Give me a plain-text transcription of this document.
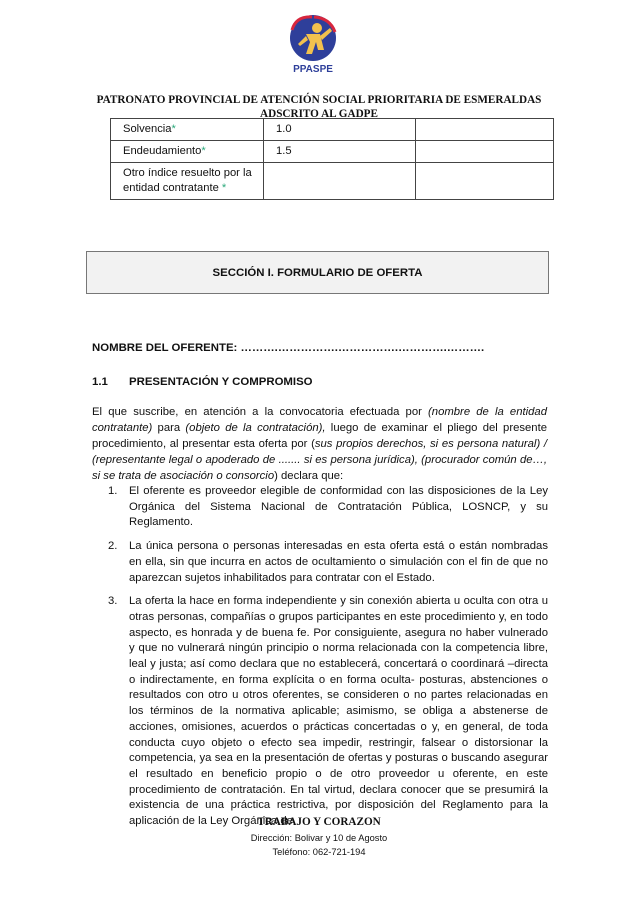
PPASPE
PATRONATO PROVINCIAL DE ATENCIÓN SOCIAL PRIORITARIA DE ESMERALDAS
ADSCRITO AL GADPE
Solvencia*	1.0	
Endeudamiento*	1.5	
Otro índice resuelto por la entidad contratante *		
SECCIÓN I. FORMULARIO DE OFERTA
NOMBRE DEL OFERENTE: ……….…………….…………….………….……….
1.1 PRESENTACIÓN Y COMPROMISO
El que suscribe, en atención a la convocatoria efectuada por (nombre de la entidad contratante) para (objeto de la contratación), luego de examinar el pliego del presente procedimiento, al presentar esta oferta por (sus propios derechos, si es persona natural) / (representante legal o apoderado de ....... si es persona jurídica), (procurador común de…, si se trata de asociación o consorcio) declara que:
1. El oferente es proveedor elegible de conformidad con las disposiciones de la Ley Orgánica del Sistema Nacional de Contratación Pública, LOSNCP, y su Reglamento.
2. La única persona o personas interesadas en esta oferta está o están nombradas en ella, sin que incurra en actos de ocultamiento o simulación con el fin de que no aparezcan sujetos inhabilitados para contratar con el Estado.
3. La oferta la hace en forma independiente y sin conexión abierta u oculta con otra u otras personas, compañías o grupos participantes en este procedimiento y, en todo aspecto, es honrada y de buena fe. Por consiguiente, asegura no haber vulnerado y que no vulnerará ningún principio o norma relacionada con la competencia libre, leal y justa; así como declara que no establecerá, concertará o coordinará –directa o indirectamente, en forma explícita o en forma oculta- posturas, abstenciones o resultados con otro u otros oferentes, se consideren o no partes relacionadas en los términos de la normativa aplicable; asimismo, se obliga a abstenerse de acciones, omisiones, acuerdos o prácticas concertadas o y, en general, de toda conducta cuyo objeto o efecto sea impedir, restringir, falsear o distorsionar la competencia, ya sea en la presentación de ofertas y posturas o buscando asegurar el resultado en beneficio propio o de otro proveedor u oferente, en este procedimiento de contratación. En tal virtud, declara conocer que se presumirá la existencia de una práctica restrictiva, por disposición del Reglamento para la aplicación de la Ley Orgánica de
TRABAJO Y CORAZON
Dirección: Bolivar y 10 de Agosto
Teléfono: 062-721-194
